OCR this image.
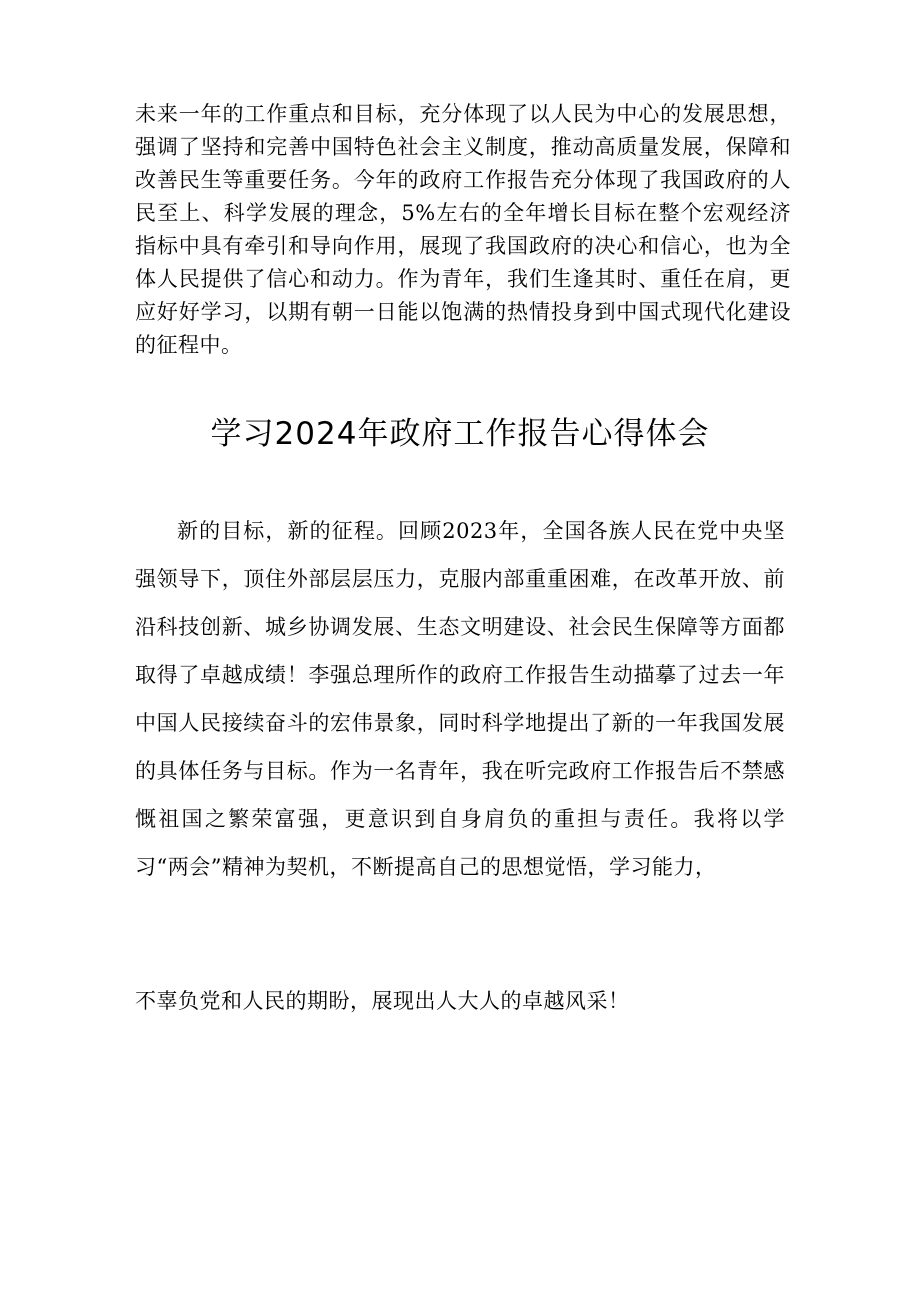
未来一年的工作重点和目标，充分体现了以人民为中心的发展思想，强调了坚持和完善中国特色社会主义制度，推动高质量发展，保障和改善民生等重要任务。今年的政府工作报告充分体现了我国政府的人民至上、科学发展的理念，5%左右的全年增长目标在整个宏观经济指标中具有牵引和导向作用，展现了我国政府的决心和信心，也为全体人民提供了信心和动力。作为青年，我们生逢其时、重任在肩，更应好好学习，以期有朝一日能以饱满的热情投身到中国式现代化建设的征程中。

学习2024年政府工作报告心得体会

新的目标，新的征程。回顾2023年，全国各族人民在党中央坚强领导下，顶住外部层层压力，克服内部重重困难，在改革开放、前沿科技创新、城乡协调发展、生态文明建设、社会民生保障等方面都取得了卓越成绩！李强总理所作的政府工作报告生动描摹了过去一年中国人民接续奋斗的宏伟景象，同时科学地提出了新的一年我国发展的具体任务与目标。作为一名青年，我在听完政府工作报告后不禁感慨祖国之繁荣富强，更意识到自身肩负的重担与责任。我将以学习“两会”精神为契机，不断提高自己的思想觉悟，学习能力，

不辜负党和人民的期盼，展现出人大人的卓越风采！
